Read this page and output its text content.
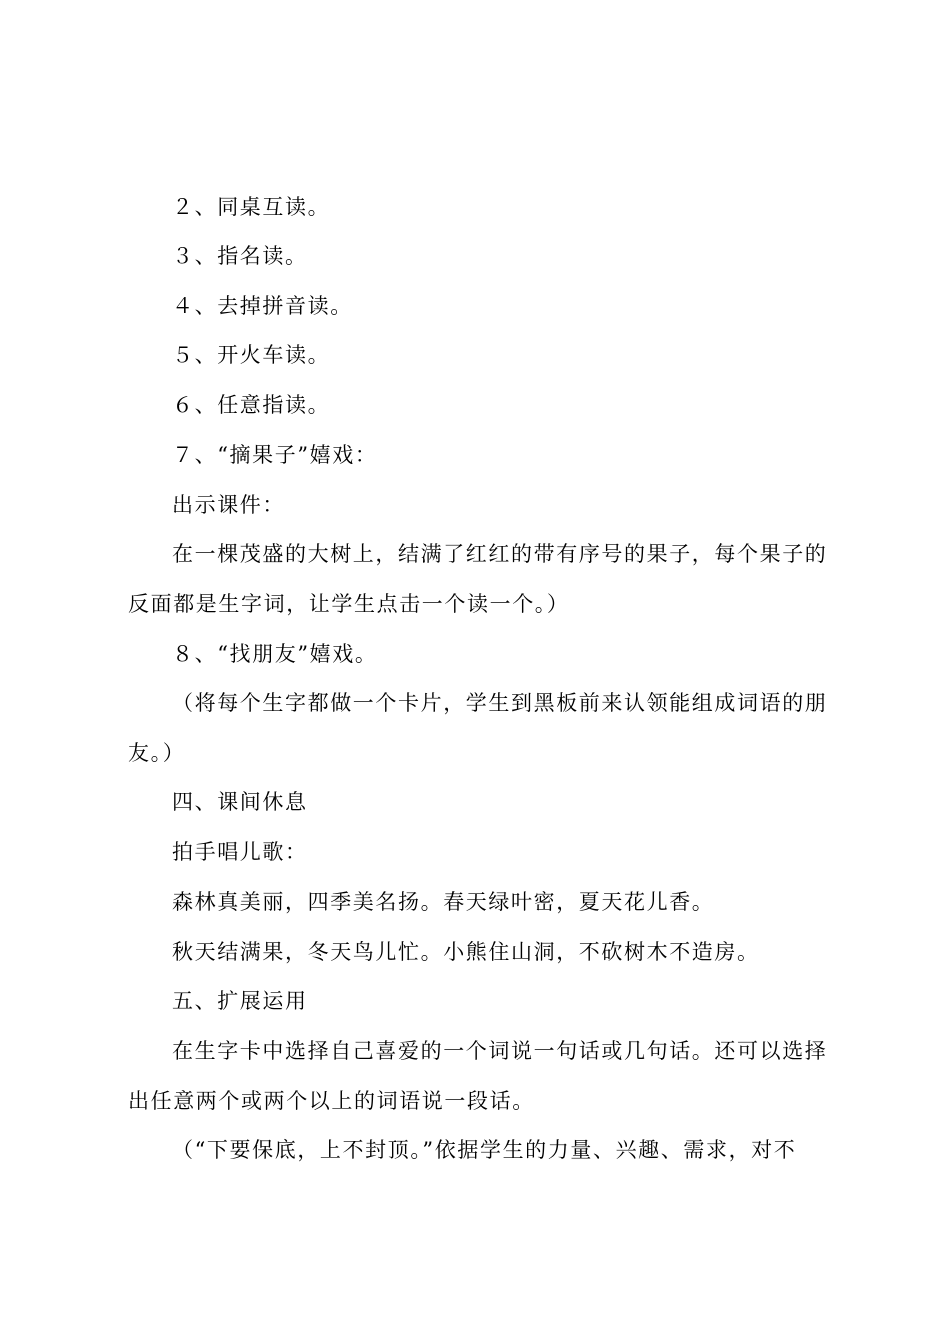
２、同桌互读。
３、指名读。
４、去掉拼音读。
５、开火车读。
６、任意指读。
７、“摘果子”嬉戏：
出示课件：
在一棵茂盛的大树上，结满了红红的带有序号的果子，每个果子的
反面都是生字词，让学生点击一个读一个。）
８、“找朋友”嬉戏。
（将每个生字都做一个卡片，学生到黑板前来认领能组成词语的朋
友。）
四、课间休息
拍手唱儿歌：
森林真美丽，四季美名扬。春天绿叶密，夏天花儿香。
秋天结满果，冬天鸟儿忙。小熊住山洞，不砍树木不造房。
五、扩展运用
在生字卡中选择自己喜爱的一个词说一句话或几句话。还可以选择
出任意两个或两个以上的词语说一段话。
（“下要保底，上不封顶。”依据学生的力量、兴趣、需求，对不
